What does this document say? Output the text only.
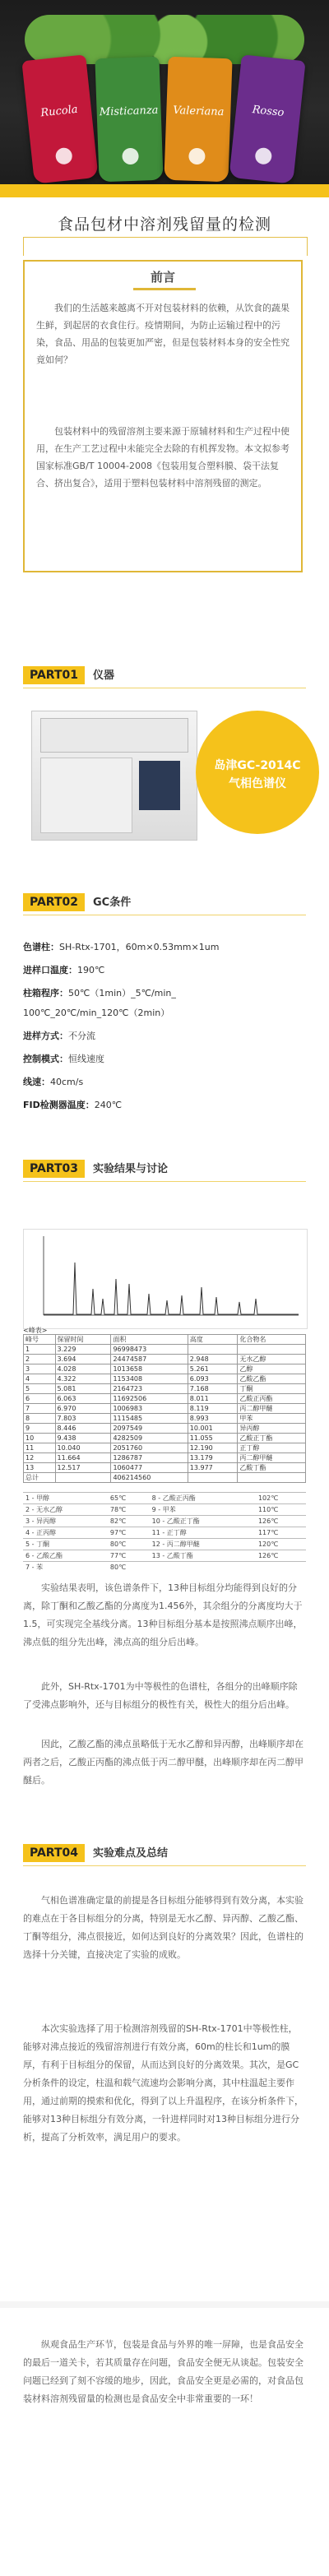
Rucola	Misticanza	Valeriana	Rosso
食品包材中溶剂残留量的检测
前言
我们的生活越来越离不开对包装材料的依赖，从饮食的蔬果生鲜，到起居的衣食住行。疫情期间，为防止运输过程中的污染，食品、用品的包装更加严密，但是包装材料本身的安全性究竟如何？
包装材料中的残留溶剂主要来源于原辅材料和生产过程中使用，在生产工艺过程中未能完全去除的有机挥发物。本文拟参考国家标准GB/T 10004-2008《包装用复合塑料膜、袋干法复合、挤出复合》，适用于塑料包装材料中溶剂残留的测定。
PART01 仪器
岛津GC-2014C
气相色谱仪
PART02 GC条件
色谱柱：SH-Rtx-1701，60m×0.53mm×1um
进样口温度：190℃
柱箱程序：50℃（1min）_5℃/min_
100℃_20℃/min_120℃（2min）
进样方式：不分流
控制模式：恒线速度
线速：40cm/s
FID检测器温度：240℃
PART03 实验结果与讨论
<峰表>
峰号	保留时间	面积	高度	化合物名
1	3.229	96998473		
2	3.694	24474587	2.948	无水乙醇
3	4.028	1013658	5.261	乙醇
4	4.322	1153408	6.093	乙酸乙酯
5	5.081	2164723	7.168	丁酮
6	6.063	11692506	8.011	乙酸正丙酯
7	6.970	1006983	8.119	丙二醇甲醚
8	7.803	1115485	8.993	甲苯
9	8.446	2097549	10.001	异丙醇
10	9.438	4282509	11.055	乙酸正丁酯
11	10.040	2051760	12.190	正丁醇
12	11.664	1286787	13.179	丙二醇甲醚
13	12.517	1060477	13.977	乙酸丁酯
总计		406214560		
1 - 甲醇	65℃	8 - 乙酸正丙酯	102℃
2 - 无水乙醇	78℃	9 - 甲苯	110℃
3 - 异丙醇	82℃	10 - 乙酸正丁酯	126℃
4 - 正丙醇	97℃	11 - 正丁醇	117℃
5 - 丁酮	80℃	12 - 丙二醇甲醚	120℃
6 - 乙酸乙酯	77℃	13 - 乙酸丁酯	126℃
7 - 苯	80℃		
实验结果表明，该色谱条件下，13种目标组分均能得到良好的分离，除丁酮和乙酸乙酯的分离度为1.456外，其余组分的分离度均大于1.5，可实现完全基线分离。13种目标组分基本是按照沸点顺序出峰，沸点低的组分先出峰，沸点高的组分后出峰。
此外，SH-Rtx-1701为中等极性的色谱柱，各组分的出峰顺序除了受沸点影响外，还与目标组分的极性有关，极性大的组分后出峰。
因此，乙酸乙酯的沸点虽略低于无水乙醇和异丙醇，出峰顺序却在两者之后，乙酸正丙酯的沸点低于丙二醇甲醚，出峰顺序却在丙二醇甲醚后。
PART04 实验难点及总结
气相色谱准确定量的前提是各目标组分能够得到有效分离，本实验的难点在于各目标组分的分离，特别是无水乙醇、异丙醇、乙酸乙酯、丁酮等组分，沸点很接近，如何达到良好的分离效果？因此，色谱柱的选择十分关键，直接决定了实验的成败。
本次实验选择了用于检测溶剂残留的SH-Rtx-1701中等极性柱，能够对沸点接近的残留溶剂进行有效分离，60m的柱长和1um的膜厚，有利于目标组分的保留，从而达到良好的分离效果。其次，是GC分析条件的设定，柱温和载气流速均会影响分离，其中柱温起主要作用，通过前期的摸索和优化，得到了以上升温程序，在该分析条件下，能够对13种目标组分有效分离，一针进样同时对13种目标组分进行分析，提高了分析效率，满足用户的要求。
纵观食品生产环节，包装是食品与外界的唯一屏障，也是食品安全的最后一道关卡，若其质量存在问题，食品安全便无从谈起。包装安全问题已经到了刻不容缓的地步，因此，食品安全更是必需的，对食品包装材料溶剂残留量的检测也是食品安全中非常重要的一环！
